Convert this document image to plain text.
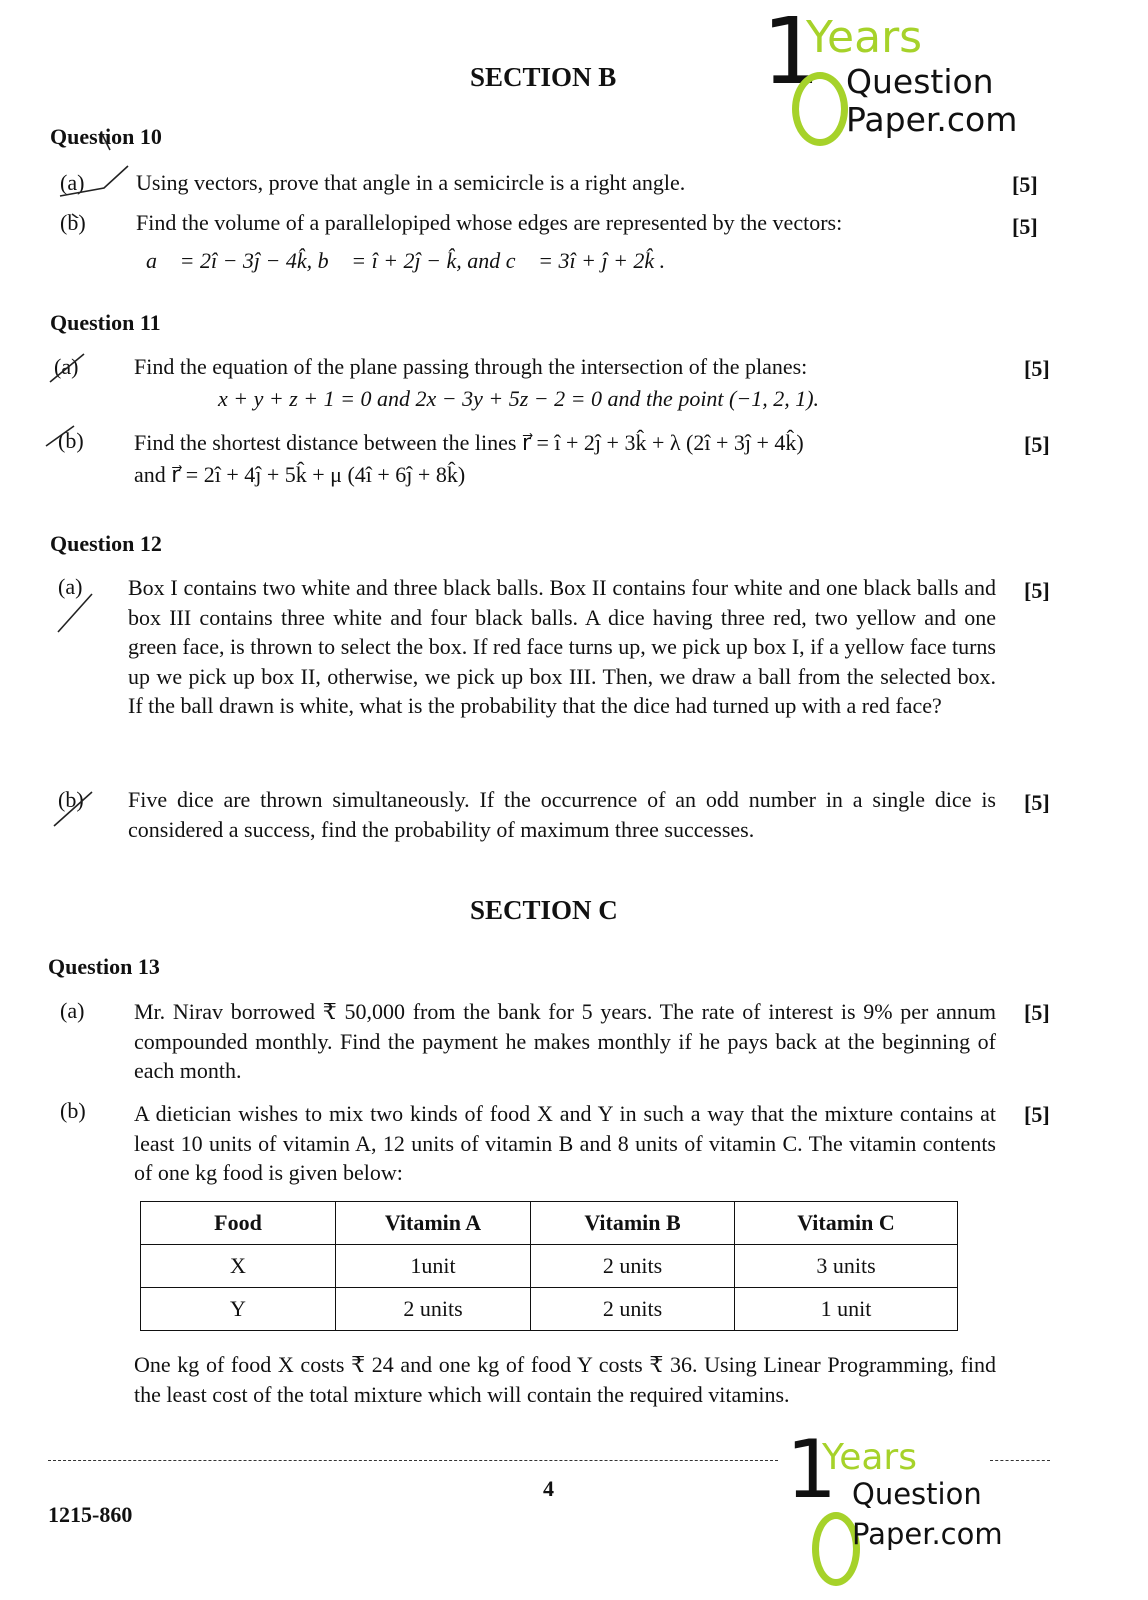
1
Years
Question
Paper.com
SECTION B
Question 10
(a) Using vectors, prove that angle in a semicircle is a right angle.	[5]
(b) Find the volume of a parallelopiped whose edges are represented by the vectors:	[5]
a⃗ = 2î − 3ĵ − 4k̂, b⃗ = î + 2ĵ − k̂, and c⃗ = 3î + ĵ + 2k̂ .
Question 11
(a)	Find the equation of the plane passing through the intersection of the planes:	[5]
x + y + z + 1 = 0 and 2x − 3y + 5z − 2 = 0 and the point (−1, 2, 1).
(b) Find the shortest distance between the lines r⃗ = î + 2ĵ + 3k̂ + λ (2î + 3ĵ + 4k̂)	[5]
and r⃗ = 2î + 4ĵ + 5k̂ + μ (4î + 6ĵ + 8k̂)
Question 12
(a) Box I contains two white and three black balls. Box II contains four white and one black balls and box III contains three white and four black balls. A dice having three red, two yellow and one green face, is thrown to select the box. If red face turns up, we pick up box I, if a yellow face turns up we pick up box II, otherwise, we pick up box III. Then, we draw a ball from the selected box. If the ball drawn is white, what is the probability that the dice had turned up with a red face?
[5]
(b) Five dice are thrown simultaneously. If the occurrence of an odd number in a single dice is considered a success, find the probability of maximum three successes.
[5]
SECTION C
Question 13
(a) Mr. Nirav borrowed ₹ 50,000 from the bank for 5 years. The rate of interest is 9% per annum compounded monthly. Find the payment he makes monthly if he pays back at the beginning of each month.
[5]
(b) A dietician wishes to mix two kinds of food X and Y in such a way that the mixture contains at least 10 units of vitamin A, 12 units of vitamin B and 8 units of vitamin C. The vitamin contents of one kg food is given below:
[5]
Food	Vitamin A	Vitamin B	Vitamin C
X	1unit	2 units	3 units
Y	2 units	2 units	1 unit
One kg of food X costs ₹ 24 and one kg of food Y costs ₹ 36. Using Linear Programming, find the least cost of the total mixture which will contain the required vitamins.
4
1215-860	1
Years
Question
Paper.com
